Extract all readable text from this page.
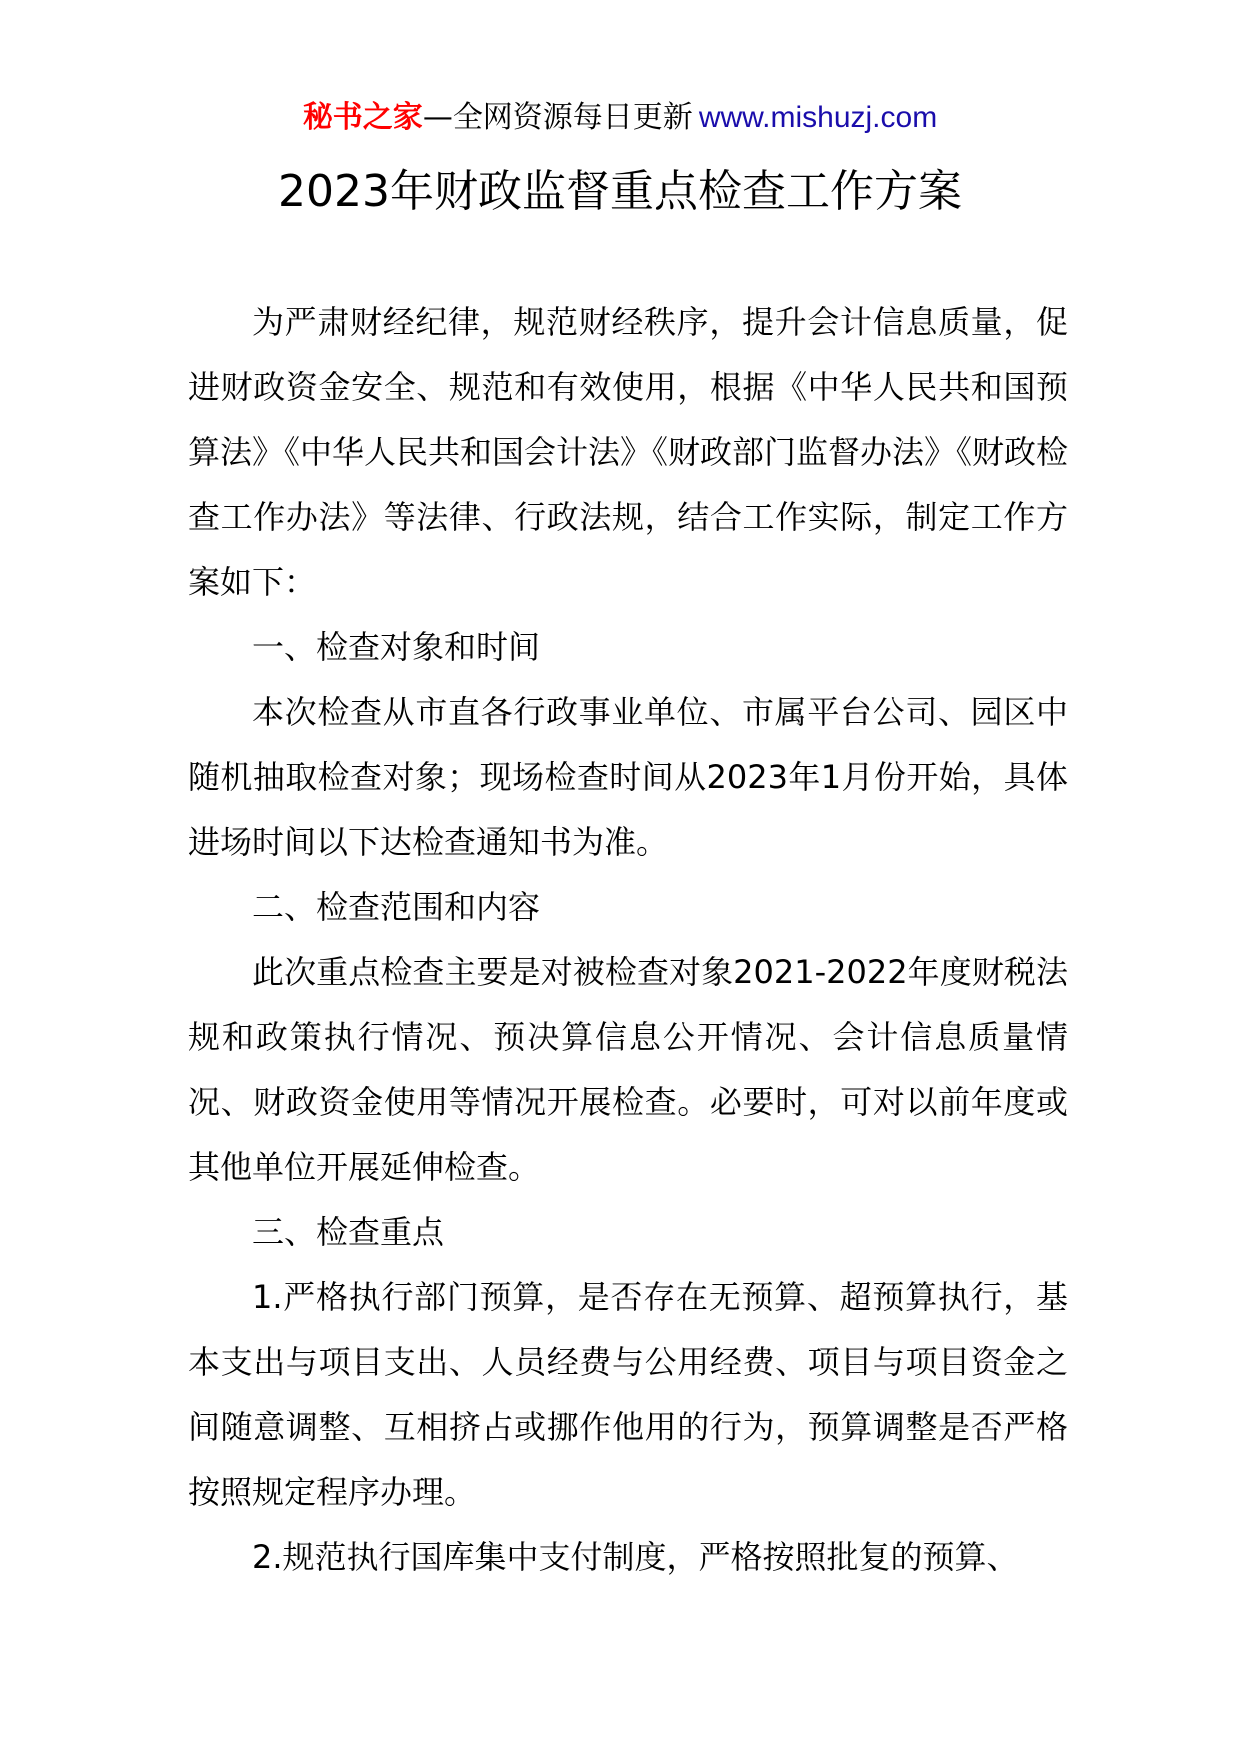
秘书之家—全网资源每日更新 www.mishuzj.com
2023年财政监督重点检查工作方案

为严肃财经纪律，规范财经秩序，提升会计信息质量，促进财政资金安全、规范和有效使用，根据《中华人民共和国预算法》《中华人民共和国会计法》《财政部门监督办法》《财政检查工作办法》等法律、行政法规，结合工作实际，制定工作方案如下：

一、检查对象和时间

本次检查从市直各行政事业单位、市属平台公司、园区中随机抽取检查对象；现场检查时间从2023年1月份开始，具体进场时间以下达检查通知书为准。

二、检查范围和内容

此次重点检查主要是对被检查对象2021-2022年度财税法规和政策执行情况、预决算信息公开情况、会计信息质量情况、财政资金使用等情况开展检查。必要时，可对以前年度或其他单位开展延伸检查。

三、检查重点

1.严格执行部门预算，是否存在无预算、超预算执行，基本支出与项目支出、人员经费与公用经费、项目与项目资金之间随意调整、互相挤占或挪作他用的行为，预算调整是否严格按照规定程序办理。

2.规范执行国库集中支付制度，严格按照批复的预算、
